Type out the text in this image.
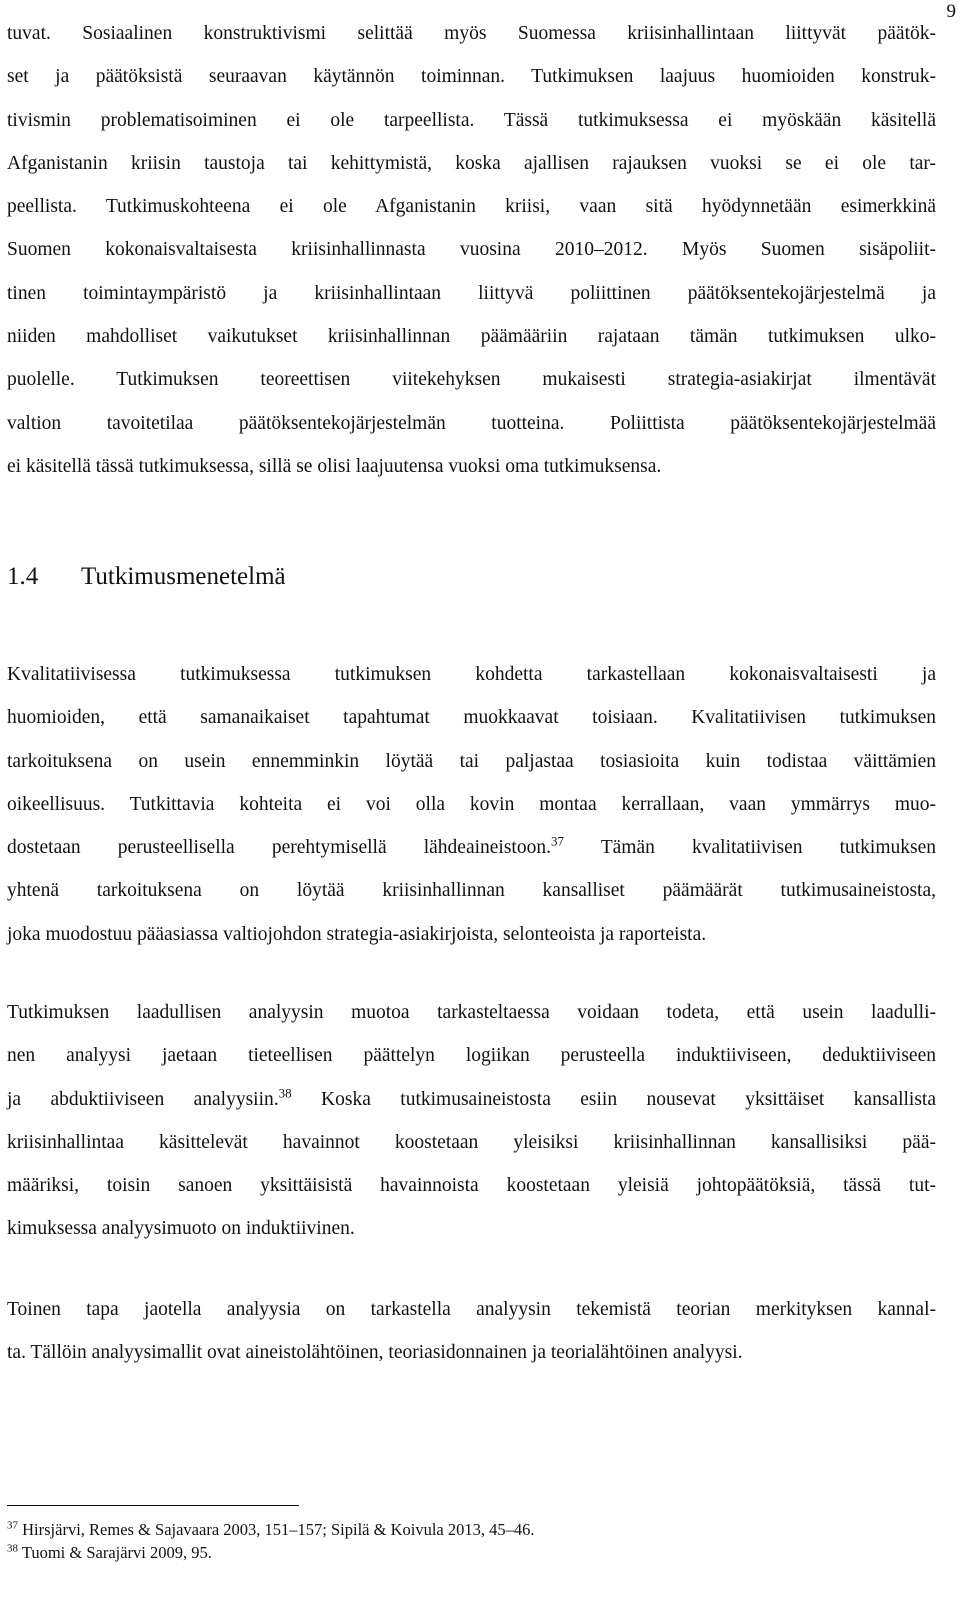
9
tuvat. Sosiaalinen konstruktivismi selittää myös Suomessa kriisinhallintaan liittyvät päätök-
set ja päätöksistä seuraavan käytännön toiminnan. Tutkimuksen laajuus huomioiden konstruk-
tivismin problematisoiminen ei ole tarpeellista. Tässä tutkimuksessa ei myöskään käsitellä
Afganistanin kriisin taustoja tai kehittymistä, koska ajallisen rajauksen vuoksi se ei ole tar-
peellista. Tutkimuskohteena ei ole Afganistanin kriisi, vaan sitä hyödynnetään esimerkkinä
Suomen kokonaisvaltaisesta kriisinhallinnasta vuosina 2010–2012. Myös Suomen sisäpoliit-
tinen toimintaympäristö ja kriisinhallintaan liittyvä poliittinen päätöksentekojärjestelmä ja
niiden mahdolliset vaikutukset kriisinhallinnan päämääriin rajataan tämän tutkimuksen ulko-
puolelle. Tutkimuksen teoreettisen viitekehyksen mukaisesti strategia-asiakirjat ilmentävät
valtion tavoitetilaa päätöksentekojärjestelmän tuotteina. Poliittista päätöksentekojärjestelmää
ei käsitellä tässä tutkimuksessa, sillä se olisi laajuutensa vuoksi oma tutkimuksensa.
1.4 Tutkimusmenetelmä
Kvalitatiivisessa tutkimuksessa tutkimuksen kohdetta tarkastellaan kokonaisvaltaisesti ja
huomioiden, että samanaikaiset tapahtumat muokkaavat toisiaan. Kvalitatiivisen tutkimuksen
tarkoituksena on usein ennemminkin löytää tai paljastaa tosiasioita kuin todistaa väittämien
oikeellisuus. Tutkittavia kohteita ei voi olla kovin montaa kerrallaan, vaan ymmärrys muo-
dostetaan perusteellisella perehtymisellä lähdeaineistoon.$^{37}$ Tämän kvalitatiivisen tutkimuksen
yhtenä tarkoituksena on löytää kriisinhallinnan kansalliset päämäärät tutkimusaineistosta,
joka muodostuu pääasiassa valtiojohdon strategia-asiakirjoista, selonteoista ja raporteista.
Tutkimuksen laadullisen analyysin muotoa tarkasteltaessa voidaan todeta, että usein laadulli-
nen analyysi jaetaan tieteellisen päättelyn logiikan perusteella induktiiviseen, deduktiiviseen
ja abduktiiviseen analyysiin.$^{38}$ Koska tutkimusaineistosta esiin nousevat yksittäiset kansallista
kriisinhallintaa käsittelevät havainnot koostetaan yleisiksi kriisinhallinnan kansallisiksi pää-
määriksi, toisin sanoen yksittäisistä havainnoista koostetaan yleisiä johtopäätöksiä, tässä tut-
kimuksessa analyysimuoto on induktiivinen.
Toinen tapa jaotella analyysia on tarkastella analyysin tekemistä teorian merkityksen kannal-
ta. Tällöin analyysimallit ovat aineistolähtöinen, teoriasidonnainen ja teorialähtöinen analyysi.

$^{37}$ Hirsjärvi, Remes & Sajavaara 2003, 151–157; Sipilä & Koivula 2013, 45–46.

$^{38}$ Tuomi & Sarajärvi 2009, 95.
